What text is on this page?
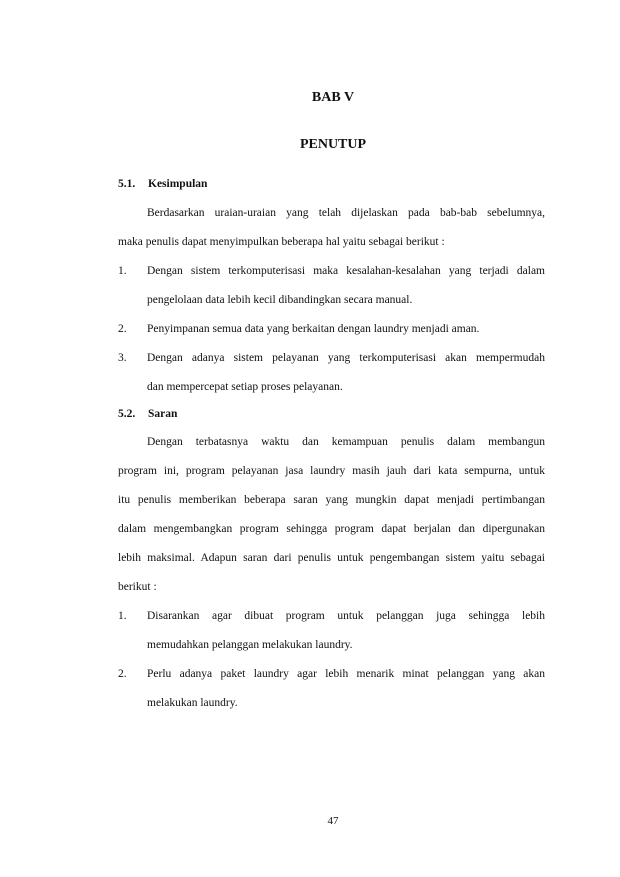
BAB V
PENUTUP
5.1. Kesimpulan
Berdasarkan uraian-uraian yang telah dijelaskan pada bab-bab sebelumnya,
maka penulis dapat menyimpulkan beberapa hal yaitu sebagai berikut :
1. Dengan sistem terkomputerisasi maka kesalahan-kesalahan yang terjadi dalam
pengelolaan data lebih kecil dibandingkan secara manual.
2. Penyimpanan semua data yang berkaitan dengan laundry menjadi aman.
3. Dengan adanya sistem pelayanan yang terkomputerisasi akan mempermudah
dan mempercepat setiap proses pelayanan.
5.2. Saran
Dengan terbatasnya waktu dan kemampuan penulis dalam membangun
program ini, program pelayanan jasa laundry masih jauh dari kata sempurna, untuk
itu penulis memberikan beberapa saran yang mungkin dapat menjadi pertimbangan
dalam mengembangkan program sehingga program dapat berjalan dan dipergunakan
lebih maksimal. Adapun saran dari penulis untuk pengembangan sistem yaitu sebagai
berikut :
1. Disarankan agar dibuat program untuk pelanggan juga sehingga lebih
memudahkan pelanggan melakukan laundry.
2. Perlu adanya paket laundry agar lebih menarik minat pelanggan yang akan
melakukan laundry.
47
